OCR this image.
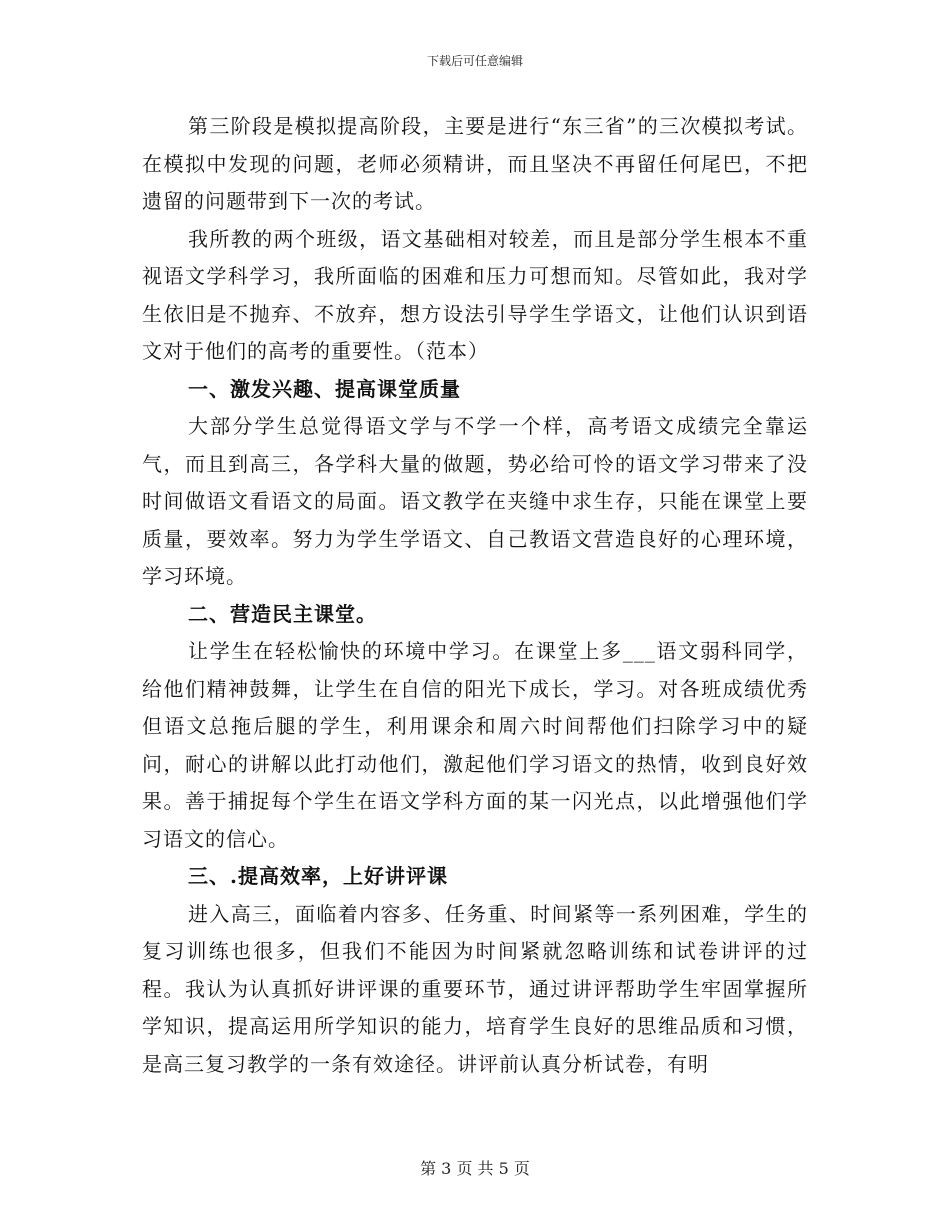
下载后可任意编辑

第三阶段是模拟提高阶段，主要是进行“东三省”的三次模拟考试。在模拟中发现的问题，老师必须精讲，而且坚决不再留任何尾巴，不把遗留的问题带到下一次的考试。

我所教的两个班级，语文基础相对较差，而且是部分学生根本不重视语文学科学习，我所面临的困难和压力可想而知。尽管如此，我对学生依旧是不抛弃、不放弃，想方设法引导学生学语文，让他们认识到语文对于他们的高考的重要性。（范本）

一、激发兴趣、提高课堂质量

大部分学生总觉得语文学与不学一个样，高考语文成绩完全靠运气，而且到高三，各学科大量的做题，势必给可怜的语文学习带来了没时间做语文看语文的局面。语文教学在夹缝中求生存，只能在课堂上要质量，要效率。努力为学生学语文、自己教语文营造良好的心理环境，学习环境。

二、营造民主课堂。

让学生在轻松愉快的环境中学习。在课堂上多___语文弱科同学，给他们精神鼓舞，让学生在自信的阳光下成长，学习。对各班成绩优秀但语文总拖后腿的学生，利用课余和周六时间帮他们扫除学习中的疑问，耐心的讲解以此打动他们，激起他们学习语文的热情，收到良好效果。善于捕捉每个学生在语文学科方面的某一闪光点，以此增强他们学习语文的信心。

三、.提高效率，上好讲评课

进入高三，面临着内容多、任务重、时间紧等一系列困难，学生的复习训练也很多，但我们不能因为时间紧就忽略训练和试卷讲评的过程。我认为认真抓好讲评课的重要环节，通过讲评帮助学生牢固掌握所学知识，提高运用所学知识的能力，培育学生良好的思维品质和习惯，是高三复习教学的一条有效途径。讲评前认真分析试卷，有明

第 3 页 共 5 页
